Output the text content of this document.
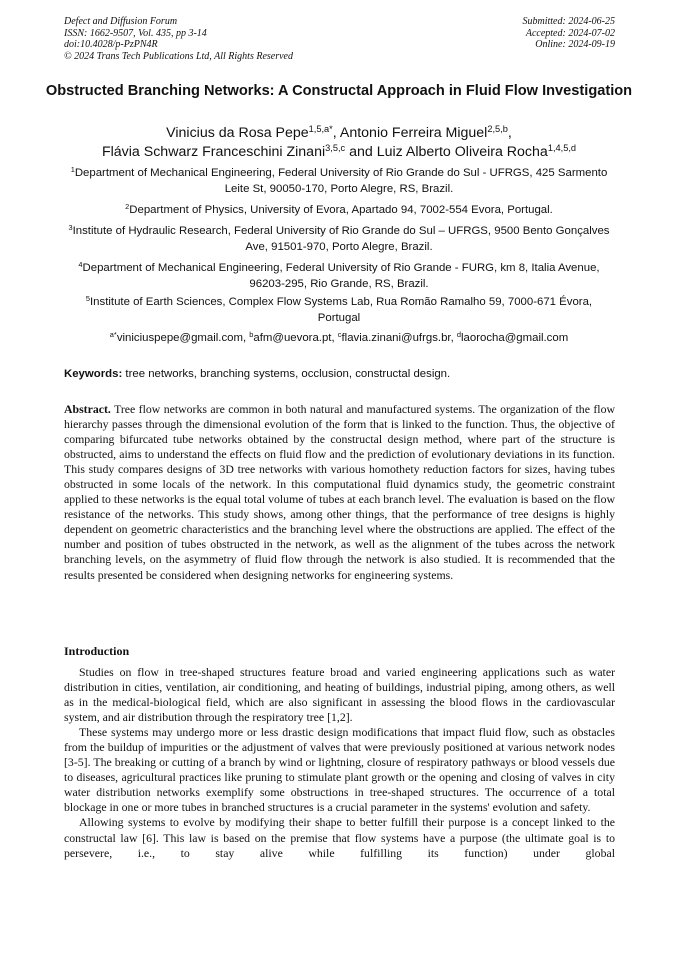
Defect and Diffusion Forum
ISSN: 1662-9507, Vol. 435, pp 3-14
doi:10.4028/p-PzPN4R
© 2024 Trans Tech Publications Ltd, All Rights Reserved
Submitted: 2024-06-25
Accepted: 2024-07-02
Online: 2024-09-19
Obstructed Branching Networks: A Constructal Approach in Fluid Flow Investigation
Vinicius da Rosa Pepe$^{1,5,a*}$, Antonio Ferreira Miguel$^{2,5,b}$,
Flávia Schwarz Franceschini Zinani$^{3,5,c}$ and Luiz Alberto Oliveira Rocha$^{1,4,5,d}$
$^1$Department of Mechanical Engineering, Federal University of Rio Grande do Sul - UFRGS, 425 Sarmento Leite St, 90050-170, Porto Alegre, RS, Brazil.
$^2$Department of Physics, University of Evora, Apartado 94, 7002-554 Evora, Portugal.
$^3$Institute of Hydraulic Research, Federal University of Rio Grande do Sul – UFRGS, 9500 Bento Gonçalves Ave, 91501-970, Porto Alegre, Brazil.
$^4$Department of Mechanical Engineering, Federal University of Rio Grande - FURG, km 8, Italia Avenue, 96203-295, Rio Grande, RS, Brazil.
$^5$Institute of Earth Sciences, Complex Flow Systems Lab, Rua Romão Ramalho 59, 7000-671 Évora, Portugal
$^{a*}$viniciuspepe@gmail.com, $^b$afm@uevora.pt, $^c$flavia.zinani@ufrgs.br, $^d$laorocha@gmail.com
Keywords: tree networks, branching systems, occlusion, constructal design.
Abstract. Tree flow networks are common in both natural and manufactured systems. The organization of the flow hierarchy passes through the dimensional evolution of the form that is linked to the function. Thus, the objective of comparing bifurcated tube networks obtained by the constructal design method, where part of the structure is obstructed, aims to understand the effects on fluid flow and the prediction of evolutionary deviations in its function. This study compares designs of 3D tree networks with various homothety reduction factors for sizes, having tubes obstructed in some locals of the network. In this computational fluid dynamics study, the geometric constraint applied to these networks is the equal total volume of tubes at each branch level. The evaluation is based on the flow resistance of the networks. This study shows, among other things, that the performance of tree designs is highly dependent on geometric characteristics and the branching level where the obstructions are applied. The effect of the number and position of tubes obstructed in the network, as well as the alignment of the tubes across the network branching levels, on the asymmetry of fluid flow through the network is also studied. It is recommended that the results presented be considered when designing networks for engineering systems.
Introduction

Studies on flow in tree-shaped structures feature broad and varied engineering applications such as water distribution in cities, ventilation, air conditioning, and heating of buildings, industrial piping, among others, as well as in the medical-biological field, which are also significant in assessing the blood flows in the cardiovascular system, and air distribution through the respiratory tree [1,2].

These systems may undergo more or less drastic design modifications that impact fluid flow, such as obstacles from the buildup of impurities or the adjustment of valves that were previously positioned at various network nodes [3-5]. The breaking or cutting of a branch by wind or lightning, closure of respiratory pathways or blood vessels due to diseases, agricultural practices like pruning to stimulate plant growth or the opening and closing of valves in city water distribution networks exemplify some obstructions in tree-shaped structures. The occurrence of a total blockage in one or more tubes in branched structures is a crucial parameter in the systems' evolution and safety.

Allowing systems to evolve by modifying their shape to better fulfill their purpose is a concept linked to the constructal law [6]. This law is based on the premise that flow systems have a purpose (the ultimate goal is to persevere, i.e., to stay alive while fulfilling its function) under global
